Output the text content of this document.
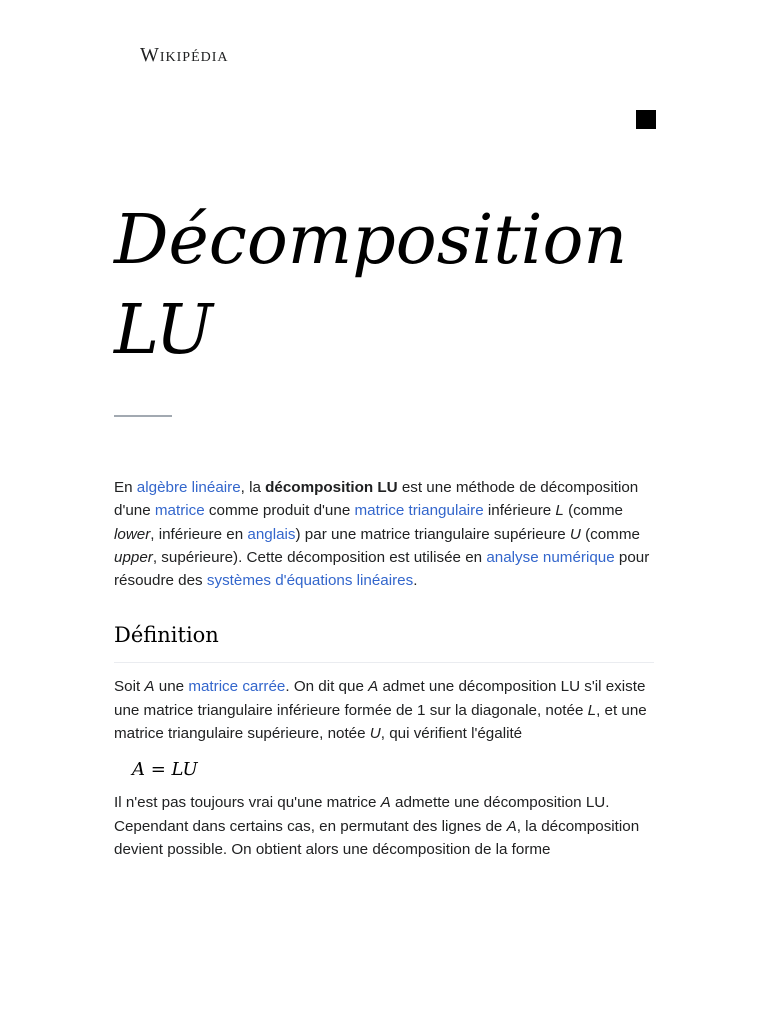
Wikipédia
Décomposition
LU

En algèbre linéaire, la décomposition LU est une méthode de décomposition d'une matrice comme produit d'une matrice triangulaire inférieure L (comme lower, inférieure en anglais) par une matrice triangulaire supérieure U (comme upper, supérieure). Cette décomposition est utilisée en analyse numérique pour résoudre des systèmes d'équations linéaires.

Définition

Soit A une matrice carrée. On dit que A admet une décomposition LU s'il existe une matrice triangulaire inférieure formée de 1 sur la diagonale, notée L, et une matrice triangulaire supérieure, notée U, qui vérifient l'égalité

A = LU

Il n'est pas toujours vrai qu'une matrice A admette une décomposition LU. Cependant dans certains cas, en permutant des lignes de A, la décomposition devient possible. On obtient alors une décomposition de la forme
